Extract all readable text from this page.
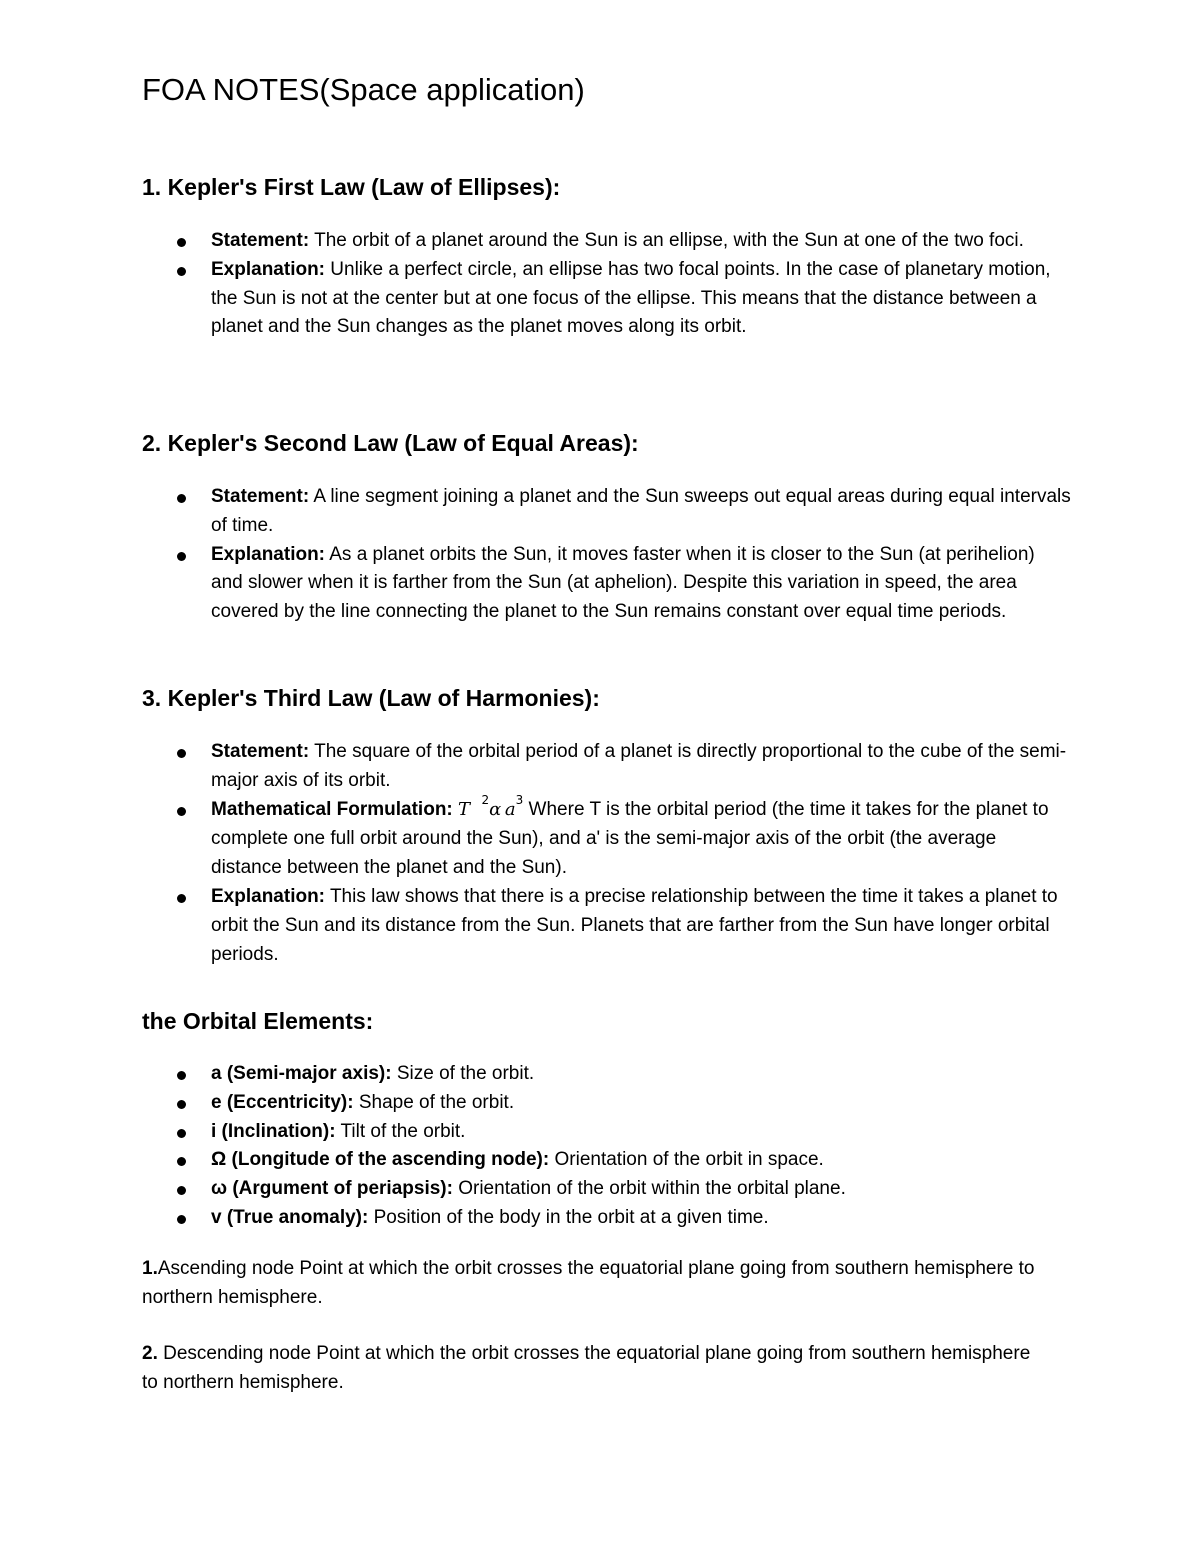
FOA NOTES(Space application)
1. Kepler's First Law (Law of Ellipses):
Statement: The orbit of a planet around the Sun is an ellipse, with the Sun at one of the two foci.
Explanation: Unlike a perfect circle, an ellipse has two focal points. In the case of planetary motion, the Sun is not at the center but at one focus of the ellipse. This means that the distance between a planet and the Sun changes as the planet moves along its orbit.
2. Kepler's Second Law (Law of Equal Areas):
Statement: A line segment joining a planet and the Sun sweeps out equal areas during equal intervals of time.
Explanation: As a planet orbits the Sun, it moves faster when it is closer to the Sun (at perihelion) and slower when it is farther from the Sun (at aphelion). Despite this variation in speed, the area covered by the line connecting the planet to the Sun remains constant over equal time periods.
3. Kepler's Third Law (Law of Harmonies):
Statement: The square of the orbital period of a planet is directly proportional to the cube of the semi-major axis of its orbit.
Mathematical Formulation: T $^2$α  $a^3$ Where T is the orbital period (the time it takes for the planet to complete one full orbit around the Sun), and a' is the semi-major axis of the orbit (the average distance between the planet and the Sun).
Explanation: This law shows that there is a precise relationship between the time it takes a planet to orbit the Sun and its distance from the Sun. Planets that are farther from the Sun have longer orbital periods.
the Orbital Elements:
a (Semi-major axis): Size of the orbit.
e (Eccentricity): Shape of the orbit.
i (Inclination): Tilt of the orbit.
Ω (Longitude of the ascending node): Orientation of the orbit in space.
ω (Argument of periapsis): Orientation of the orbit within the orbital plane.
v (True anomaly): Position of the body in the orbit at a given time.

1.Ascending node Point at which the orbit crosses the equatorial plane going from southern hemisphere to northern hemisphere.

2. Descending node Point at which the orbit crosses the equatorial plane going from southern hemisphere to northern hemisphere.
